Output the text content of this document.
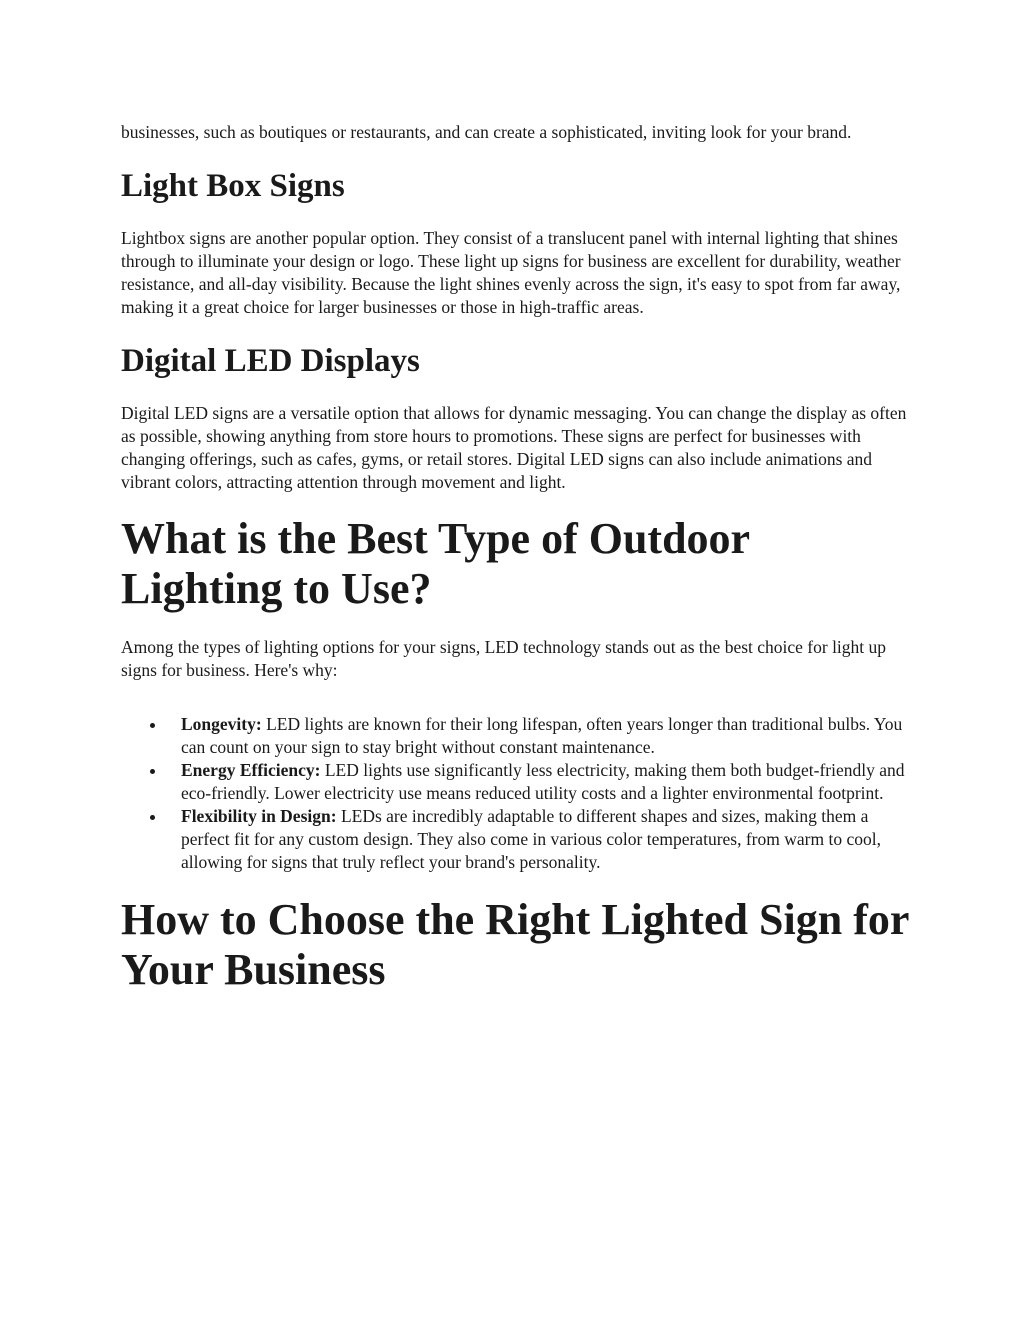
businesses, such as boutiques or restaurants, and can create a sophisticated, inviting look for your brand.

Light Box Signs

Lightbox signs are another popular option. They consist of a translucent panel with internal lighting that shines through to illuminate your design or logo. These light up signs for business are excellent for durability, weather resistance, and all-day visibility. Because the light shines evenly across the sign, it's easy to spot from far away, making it a great choice for larger businesses or those in high-traffic areas.

Digital LED Displays

Digital LED signs are a versatile option that allows for dynamic messaging. You can change the display as often as possible, showing anything from store hours to promotions. These signs are perfect for businesses with changing offerings, such as cafes, gyms, or retail stores. Digital LED signs can also include animations and vibrant colors, attracting attention through movement and light.

What is the Best Type of Outdoor Lighting to Use?

Among the types of lighting options for your signs, LED technology stands out as the best choice for light up signs for business. Here's why:

Longevity: LED lights are known for their long lifespan, often years longer than traditional bulbs. You can count on your sign to stay bright without constant maintenance.
Energy Efficiency: LED lights use significantly less electricity, making them both budget-friendly and eco-friendly. Lower electricity use means reduced utility costs and a lighter environmental footprint.
Flexibility in Design: LEDs are incredibly adaptable to different shapes and sizes, making them a perfect fit for any custom design. They also come in various color temperatures, from warm to cool, allowing for signs that truly reflect your brand's personality.
How to Choose the Right Lighted Sign for Your Business
